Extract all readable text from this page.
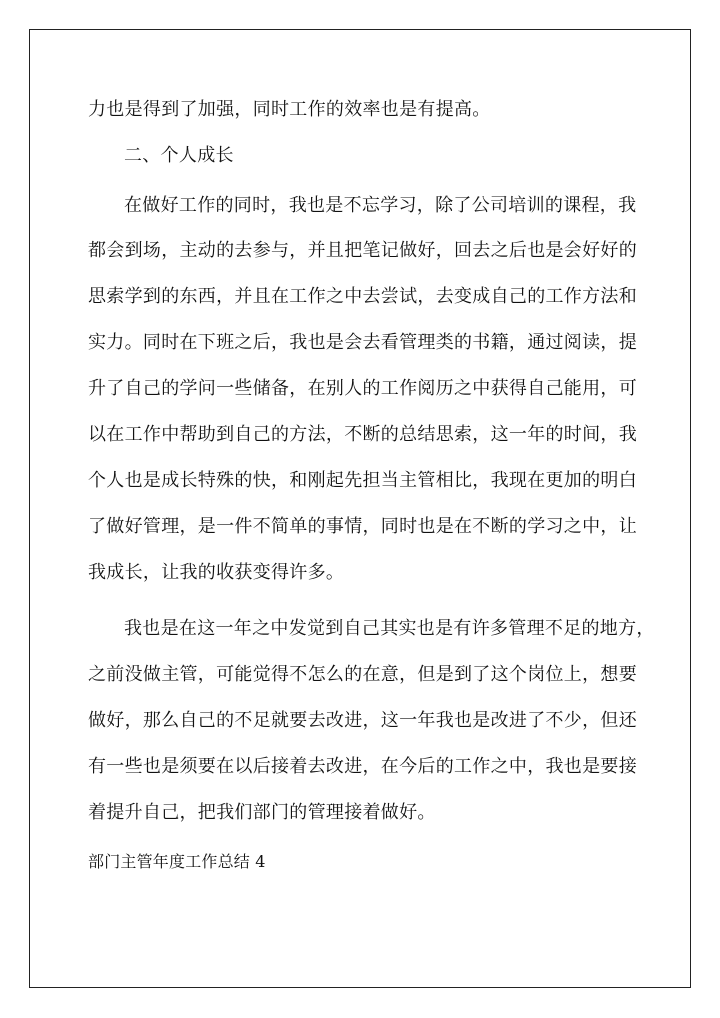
力也是得到了加强，同时工作的效率也是有提高。
二、个人成长
在做好工作的同时，我也是不忘学习，除了公司培训的课程，我
都会到场，主动的去参与，并且把笔记做好，回去之后也是会好好的
思索学到的东西，并且在工作之中去尝试，去变成自己的工作方法和
实力。同时在下班之后，我也是会去看管理类的书籍，通过阅读，提
升了自己的学问一些储备，在别人的工作阅历之中获得自己能用，可
以在工作中帮助到自己的方法，不断的总结思索，这一年的时间，我
个人也是成长特殊的快，和刚起先担当主管相比，我现在更加的明白
了做好管理，是一件不简单的事情，同时也是在不断的学习之中，让
我成长，让我的收获变得许多。
我也是在这一年之中发觉到自己其实也是有许多管理不足的地方，
之前没做主管，可能觉得不怎么的在意，但是到了这个岗位上，想要
做好，那么自己的不足就要去改进，这一年我也是改进了不少，但还
有一些也是须要在以后接着去改进，在今后的工作之中，我也是要接
着提升自己，把我们部门的管理接着做好。
部门主管年度工作总结 4
